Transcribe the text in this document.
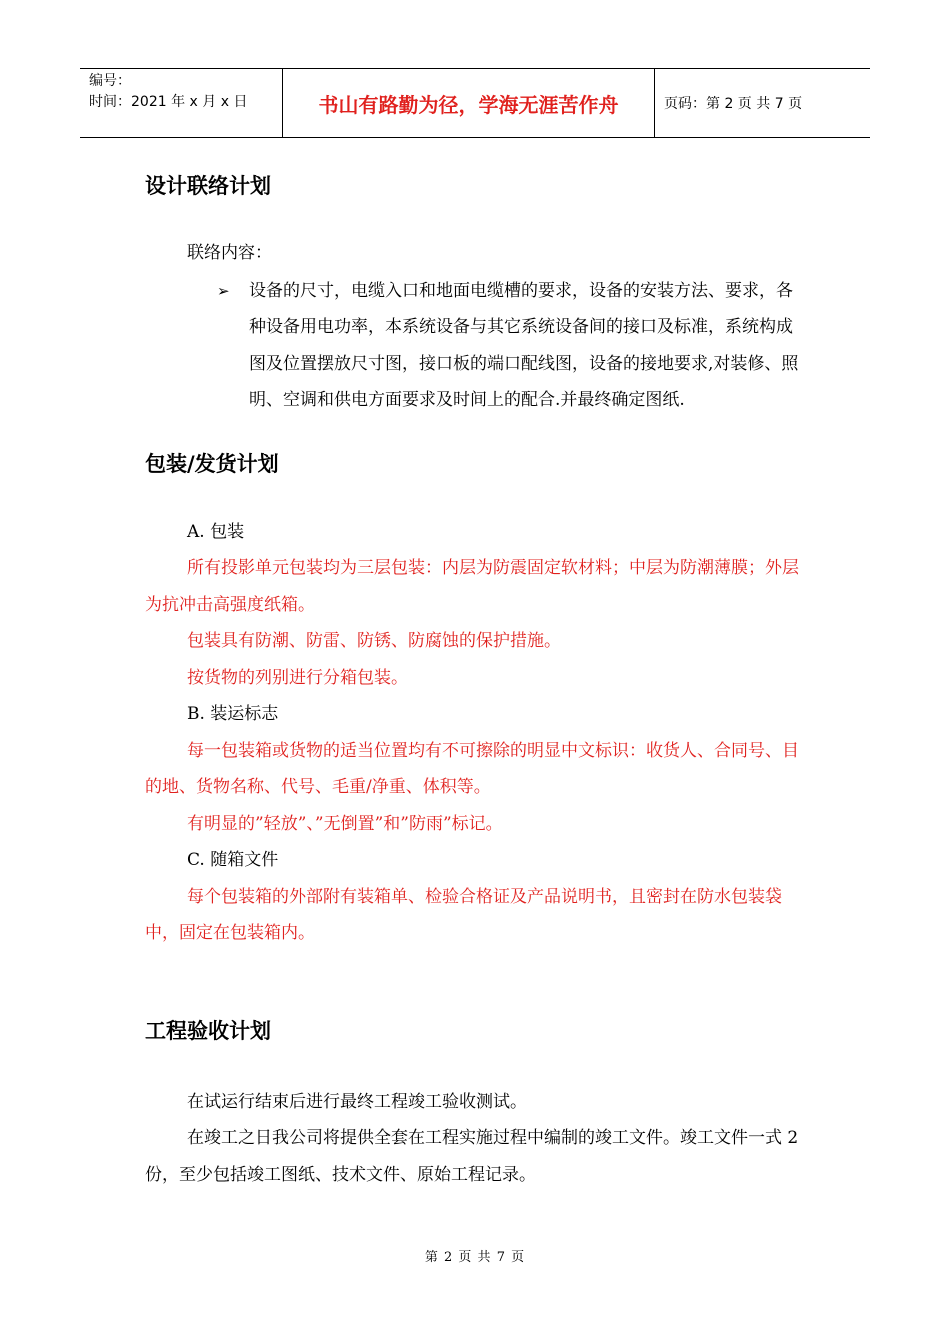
编号：
时间：2021 年 x 月 x 日	书山有路勤为径，学海无涯苦作舟	页码：第 2 页 共 7 页
设计联络计划

联络内容：

➢	设备的尺寸，电缆入口和地面电缆槽的要求，设备的安装方法、要求，各种设备用电功率，本系统设备与其它系统设备间的接口及标准，系统构成图及位置摆放尺寸图，接口板的端口配线图，设备的接地要求,对装修、照明、空调和供电方面要求及时间上的配合.并最终确定图纸.
包装/发货计划

A. 包装

所有投影单元包装均为三层包装：内层为防震固定软材料；中层为防潮薄膜；外层为抗冲击高强度纸箱。

包装具有防潮、防雷、防锈、防腐蚀的保护措施。

按货物的列别进行分箱包装。

B. 装运标志

每一包装箱或货物的适当位置均有不可擦除的明显中文标识：收货人、合同号、目的地、货物名称、代号、毛重/净重、体积等。

有明显的”轻放”、”无倒置”和”防雨”标记。

C. 随箱文件

每个包装箱的外部附有装箱单、检验合格证及产品说明书，且密封在防水包装袋中，固定在包装箱内。

工程验收计划

在试运行结束后进行最终工程竣工验收测试。

在竣工之日我公司将提供全套在工程实施过程中编制的竣工文件。竣工文件一式 2 份，至少包括竣工图纸、技术文件、原始工程记录。

第 2 页 共 7 页
